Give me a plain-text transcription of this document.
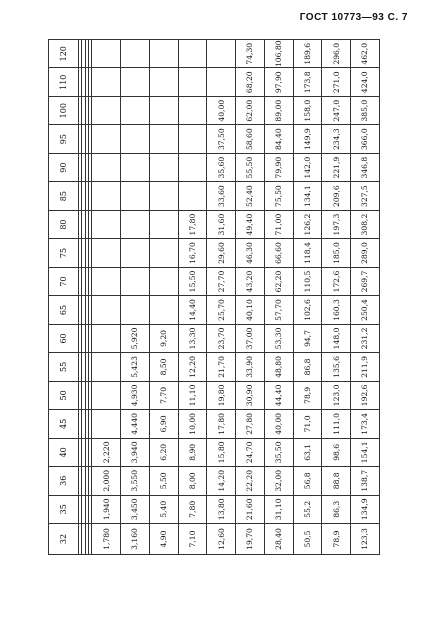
ГОСТ 10773—93 С. 7
32	35	36	40	45	50	55	60	65	70	75	80	85	90	95	100	110	120

1,780	1,940	2,000	2,220														
3,160	3,450	3,550	3,940	4,440	4,930	5,423	5,920										
4,90	5,40	5,50	6,20	6,90	7,70	8,50	9,20										
7,10	7,80	8,00	8,90	10,00	11,10	12,20	13,30	14,40	15,50	16,70	17,80						
12,60	13,80	14,20	15,80	17,80	19,80	21,70	23,70	25,70	27,70	29,60	31,60	33,60	35,60	37,50	40,00		
19,70	21,60	22,20	24,70	27,80	30,90	33,90	37,00	40,10	43,20	46,30	49,40	52,40	55,50	58,60	62,00	68,20	74,30
28,40	31,10	32,00	35,50	40,00	44,40	48,80	53,30	57,70	62,20	66,60	71,00	75,50	79,90	84,40	89,00	97,90	106,80
50,5	55,2	56,8	63,1	71,0	78,9	86,8	94,7	102,6	110,5	118,4	126,2	134,1	142,0	149,9	158,0	173,8	189,6
78,9	86,3	88,8	98,6	111,0	123,0	135,6	148,0	160,3	172,6	185,0	197,3	209,6	221,9	234,3	247,0	271,0	296,0
123,3	134,9	138,7	154,1	173,4	192,6	211,9	231,2	250,4	269,7	289,0	308,2	327,5	346,8	366,0	385,0	424,0	462,0
